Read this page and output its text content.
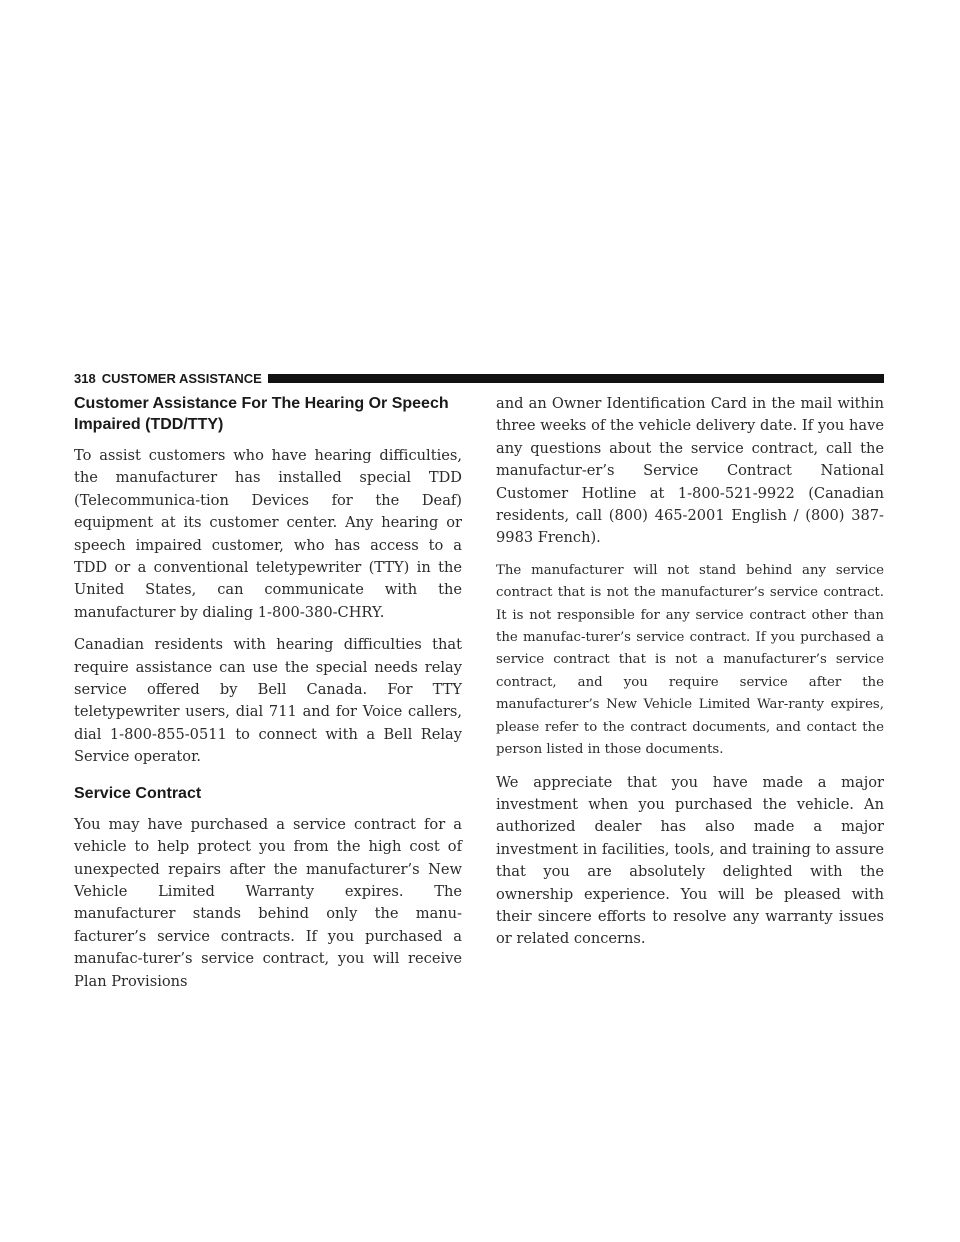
318 CUSTOMER ASSISTANCE
Customer Assistance For The Hearing Or Speech Impaired (TDD/TTY)

To assist customers who have hearing difficulties, the manufacturer has installed special TDD (Telecommunica-tion Devices for the Deaf) equipment at its customer center. Any hearing or speech impaired customer, who has access to a TDD or a conventional teletypewriter (TTY) in the United States, can communicate with the manufacturer by dialing 1-800-380-CHRY.

Canadian residents with hearing difficulties that require assistance can use the special needs relay service offered by Bell Canada. For TTY teletypewriter users, dial 711 and for Voice callers, dial 1-800-855-0511 to connect with a Bell Relay Service operator.

Service Contract

You may have purchased a service contract for a vehicle to help protect you from the high cost of unexpected repairs after the manufacturer’s New Vehicle Limited Warranty expires. The manufacturer stands behind only the manu-facturer’s service contracts. If you purchased a manufac-turer’s service contract, you will receive Plan Provisions

and an Owner Identification Card in the mail within three weeks of the vehicle delivery date. If you have any questions about the service contract, call the manufactur-er’s Service Contract National Customer Hotline at 1-800-521-9922 (Canadian residents, call (800) 465-2001 English / (800) 387-9983 French).

The manufacturer will not stand behind any service contract that is not the manufacturer’s service contract. It is not responsible for any service contract other than the manufac-turer’s service contract. If you purchased a service contract that is not a manufacturer’s service contract, and you require service after the manufacturer’s New Vehicle Limited War-ranty expires, please refer to the contract documents, and contact the person listed in those documents.

We appreciate that you have made a major investment when you purchased the vehicle. An authorized dealer has also made a major investment in facilities, tools, and training to assure that you are absolutely delighted with the ownership experience. You will be pleased with their sincere efforts to resolve any warranty issues or related concerns.
